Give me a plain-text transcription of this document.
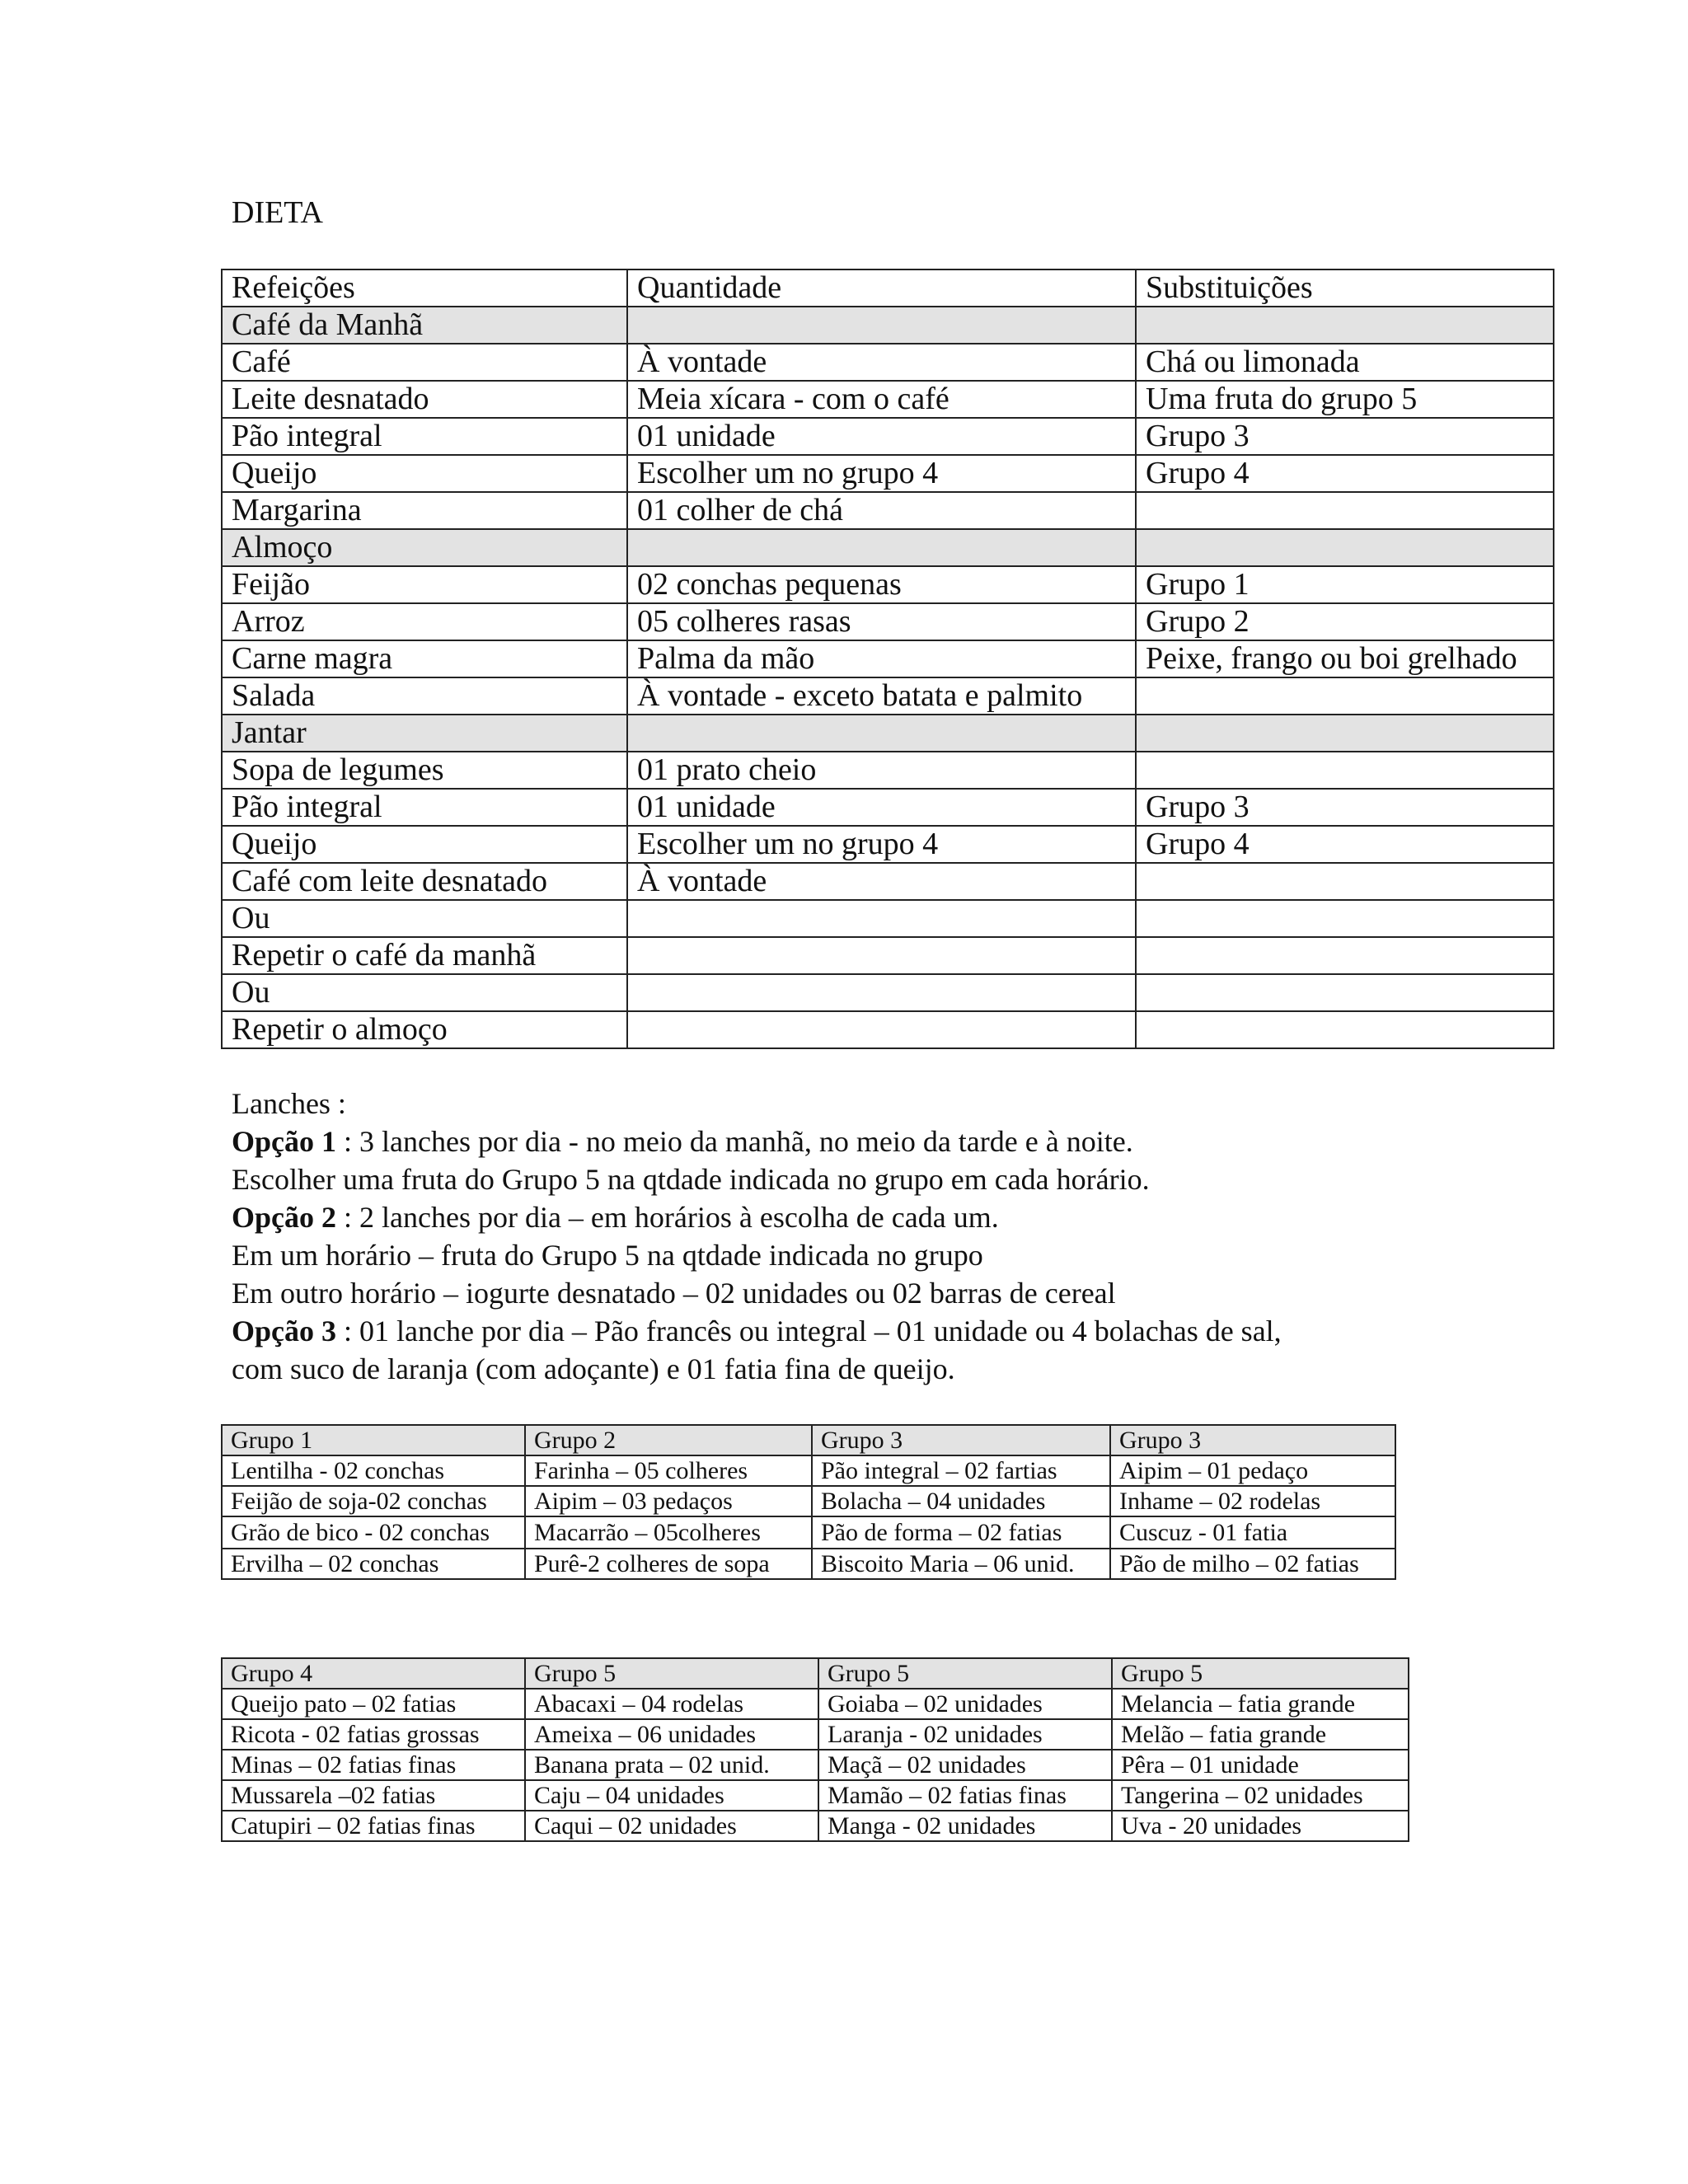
DIETA
Refeições	Quantidade	Substituições
Café da Manhã		
Café	À vontade	Chá ou limonada
Leite desnatado	Meia xícara - com o café	Uma fruta do grupo 5
Pão integral	01 unidade	Grupo 3
Queijo	Escolher um no grupo 4	Grupo 4
Margarina	01 colher de chá	
Almoço		
Feijão	02 conchas pequenas	Grupo 1
Arroz	05 colheres rasas	Grupo 2
Carne magra	Palma da mão	Peixe, frango ou boi grelhado
Salada	À vontade - exceto batata e palmito	
Jantar		
Sopa de legumes	01 prato cheio	
Pão integral	01 unidade	Grupo 3
Queijo	Escolher um no grupo 4	Grupo 4
Café com leite desnatado	À vontade	
Ou		
Repetir o café da manhã		
Ou		
Repetir o almoço		
Lanches :
Opção 1 : 3 lanches por dia - no meio da manhã, no meio da tarde e à noite.
Escolher uma fruta do Grupo 5 na qtdade indicada no grupo em cada horário.
Opção 2 : 2 lanches por dia – em horários à escolha de cada um.
Em um horário – fruta do Grupo 5 na qtdade indicada no grupo
Em outro horário – iogurte desnatado – 02 unidades ou 02 barras de cereal
Opção 3 : 01 lanche por dia – Pão francês ou integral – 01 unidade ou 4 bolachas de sal,
com suco de laranja (com adoçante) e 01 fatia fina de queijo.
Grupo 1	Grupo 2	Grupo 3	Grupo 3
Lentilha - 02 conchas	Farinha – 05 colheres	Pão integral – 02 fartias	Aipim – 01 pedaço
Feijão de soja-02 conchas	Aipim – 03 pedaços	Bolacha – 04 unidades	Inhame – 02 rodelas
Grão de bico - 02 conchas	Macarrão – 05colheres	Pão de forma – 02 fatias	Cuscuz - 01 fatia
Ervilha – 02 conchas	Purê-2 colheres de sopa	Biscoito Maria – 06 unid.	Pão de milho – 02 fatias
Grupo 4	Grupo 5	Grupo 5	Grupo 5
Queijo pato – 02 fatias	Abacaxi – 04 rodelas	Goiaba – 02 unidades	Melancia – fatia grande
Ricota - 02 fatias grossas	Ameixa – 06 unidades	Laranja - 02 unidades	Melão – fatia grande
Minas – 02 fatias finas	Banana prata – 02 unid.	Maçã – 02 unidades	Pêra – 01 unidade
Mussarela –02 fatias	Caju – 04 unidades	Mamão – 02 fatias finas	Tangerina – 02 unidades
Catupiri – 02 fatias finas	Caqui – 02 unidades	Manga - 02 unidades	Uva - 20 unidades
